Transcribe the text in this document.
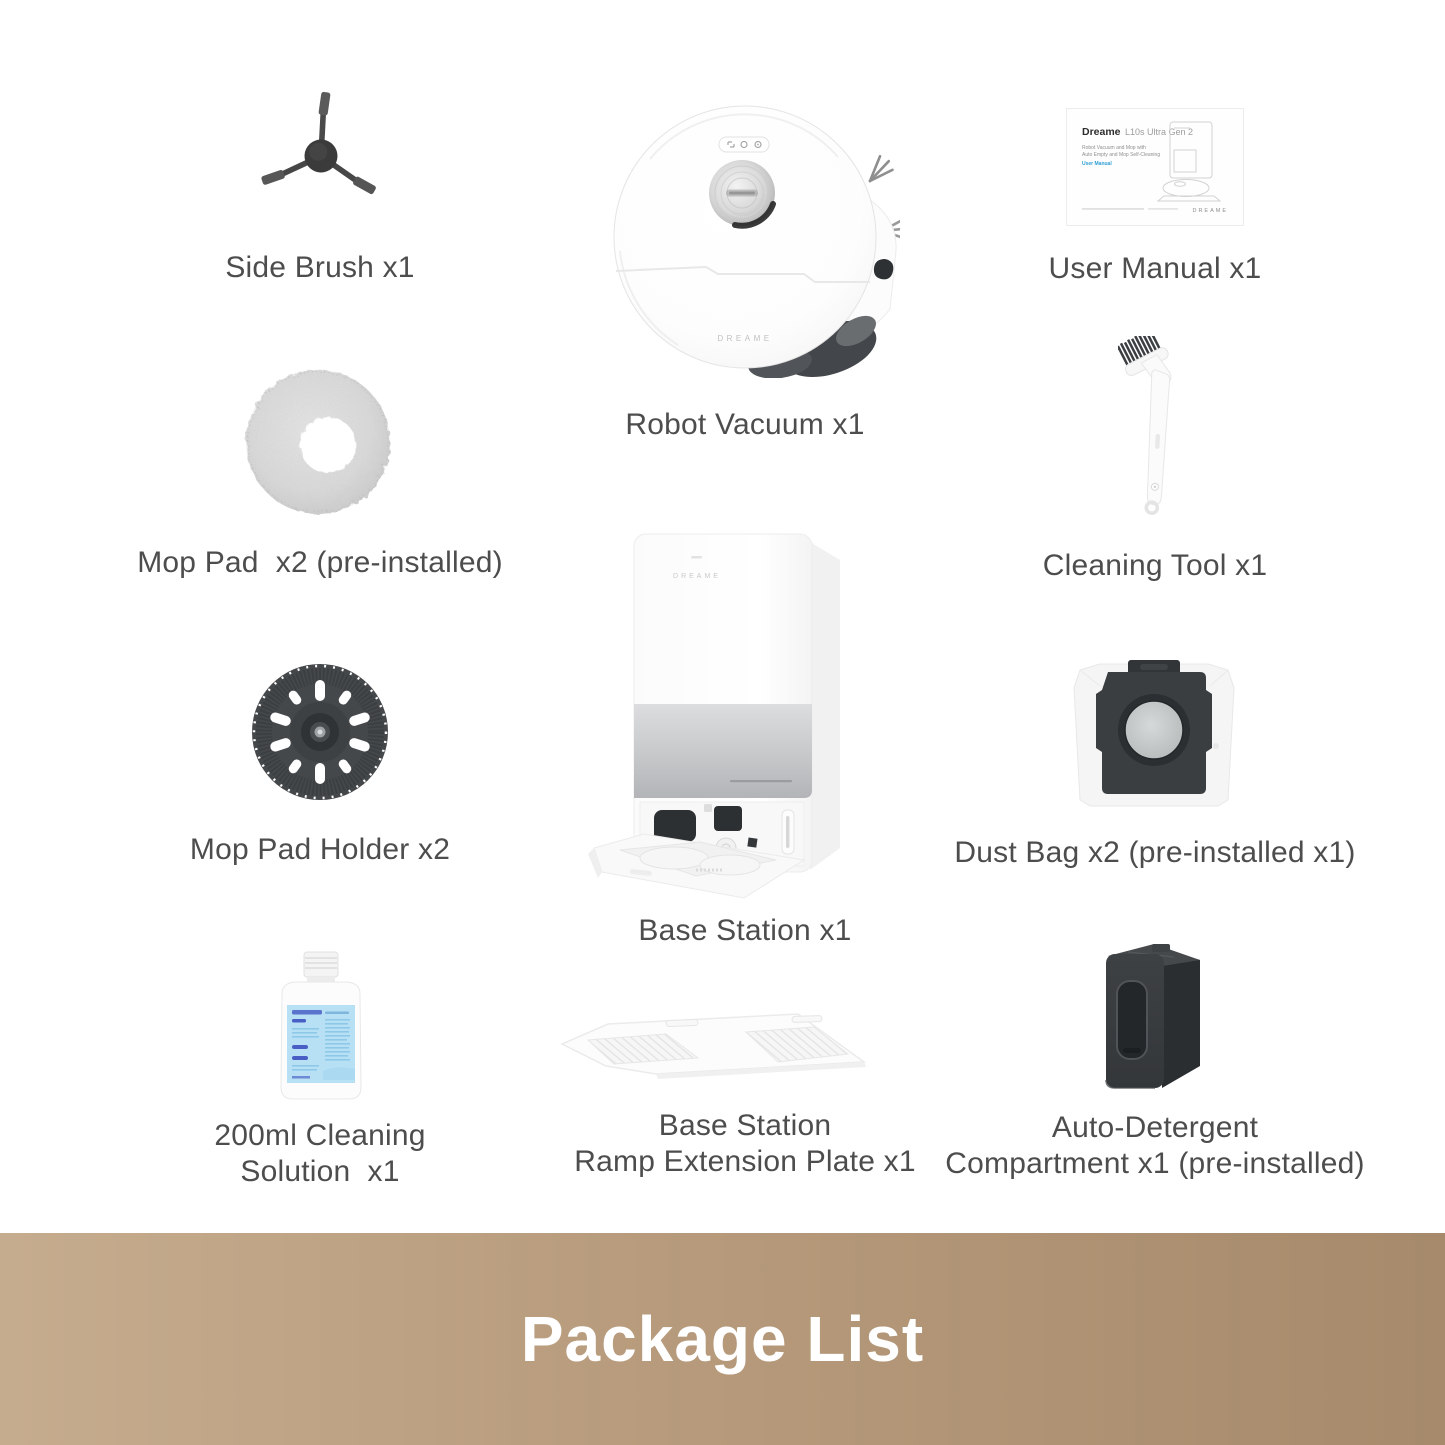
Side Brush x1
Mop Pad  x2 (pre-installed)
Mop Pad Holder x2
200ml Cleaning
Solution  x1
DREAME
Robot Vacuum x1
DREAME
Base Station x1
Base Station
Ramp Extension Plate x1
Dreame L10s Ultra Gen 2
Robot Vacuum and Mop with
Auto Empty and Mop Self-Cleaning
User Manual
DREAME
User Manual x1
Cleaning Tool x1
Dust Bag x2 (pre-installed x1)
Auto-Detergent
Compartment x1 (pre-installed)
Package List
